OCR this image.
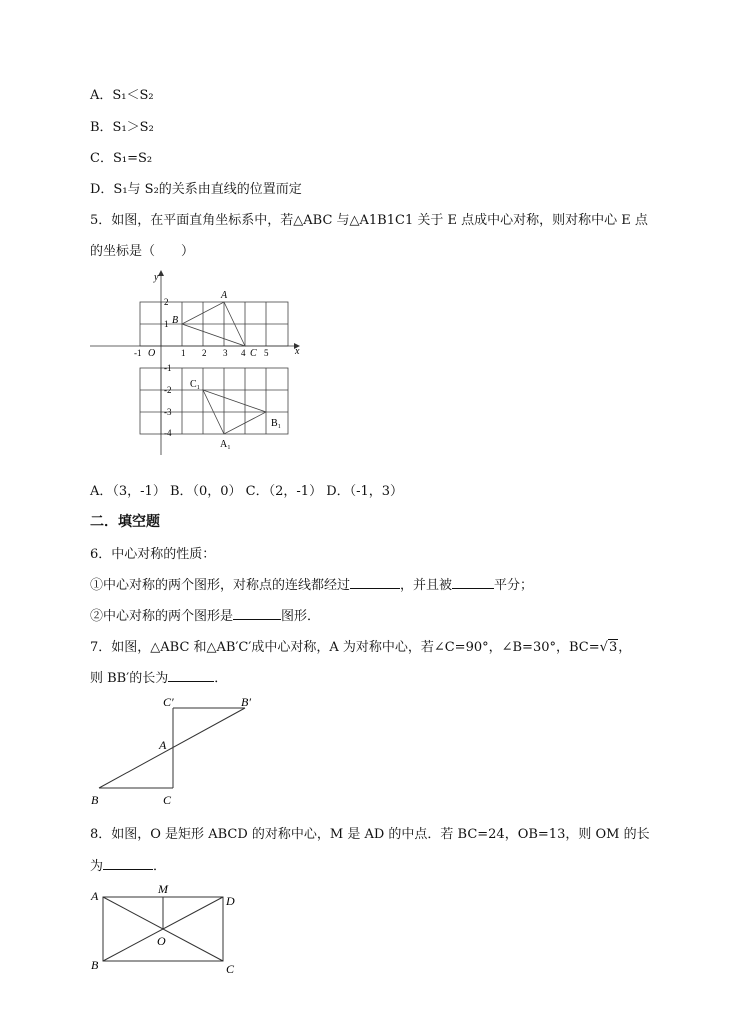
A．S₁＜S₂
B．S₁＞S₂
C．S₁=S₂
D．S₁与 S₂的关系由直线的位置而定
5．如图，在平面直角坐标系中，若△ABC 与△A1B1C1 关于 E 点成中心对称，则对称中心 E 点
的坐标是（　　）
x
y
O
-1	1 2 3 4 5
2
1
-1
-2
-3
-4
A
B
C
C₁
B₁
A₁
A．（3，-1） B．（0，0） C．（2，-1） D．（-1，3）
二．填空题
6．中心对称的性质：
①中心对称的两个图形，对称点的连线都经过	，并且被	平分；
②中心对称的两个图形是	图形．
7．如图，△ABC 和△AB′C′成中心对称，A 为对称中心，若∠C=90°，∠B=30°，BC=√3，
则 BB′的长为	．
B	C
A
C′	B′
8．如图，O 是矩形 ABCD 的对称中心，M 是 AD 的中点．若 BC=24，OB=13，则 OM 的长
为	．
A
B	C
D
M
O
